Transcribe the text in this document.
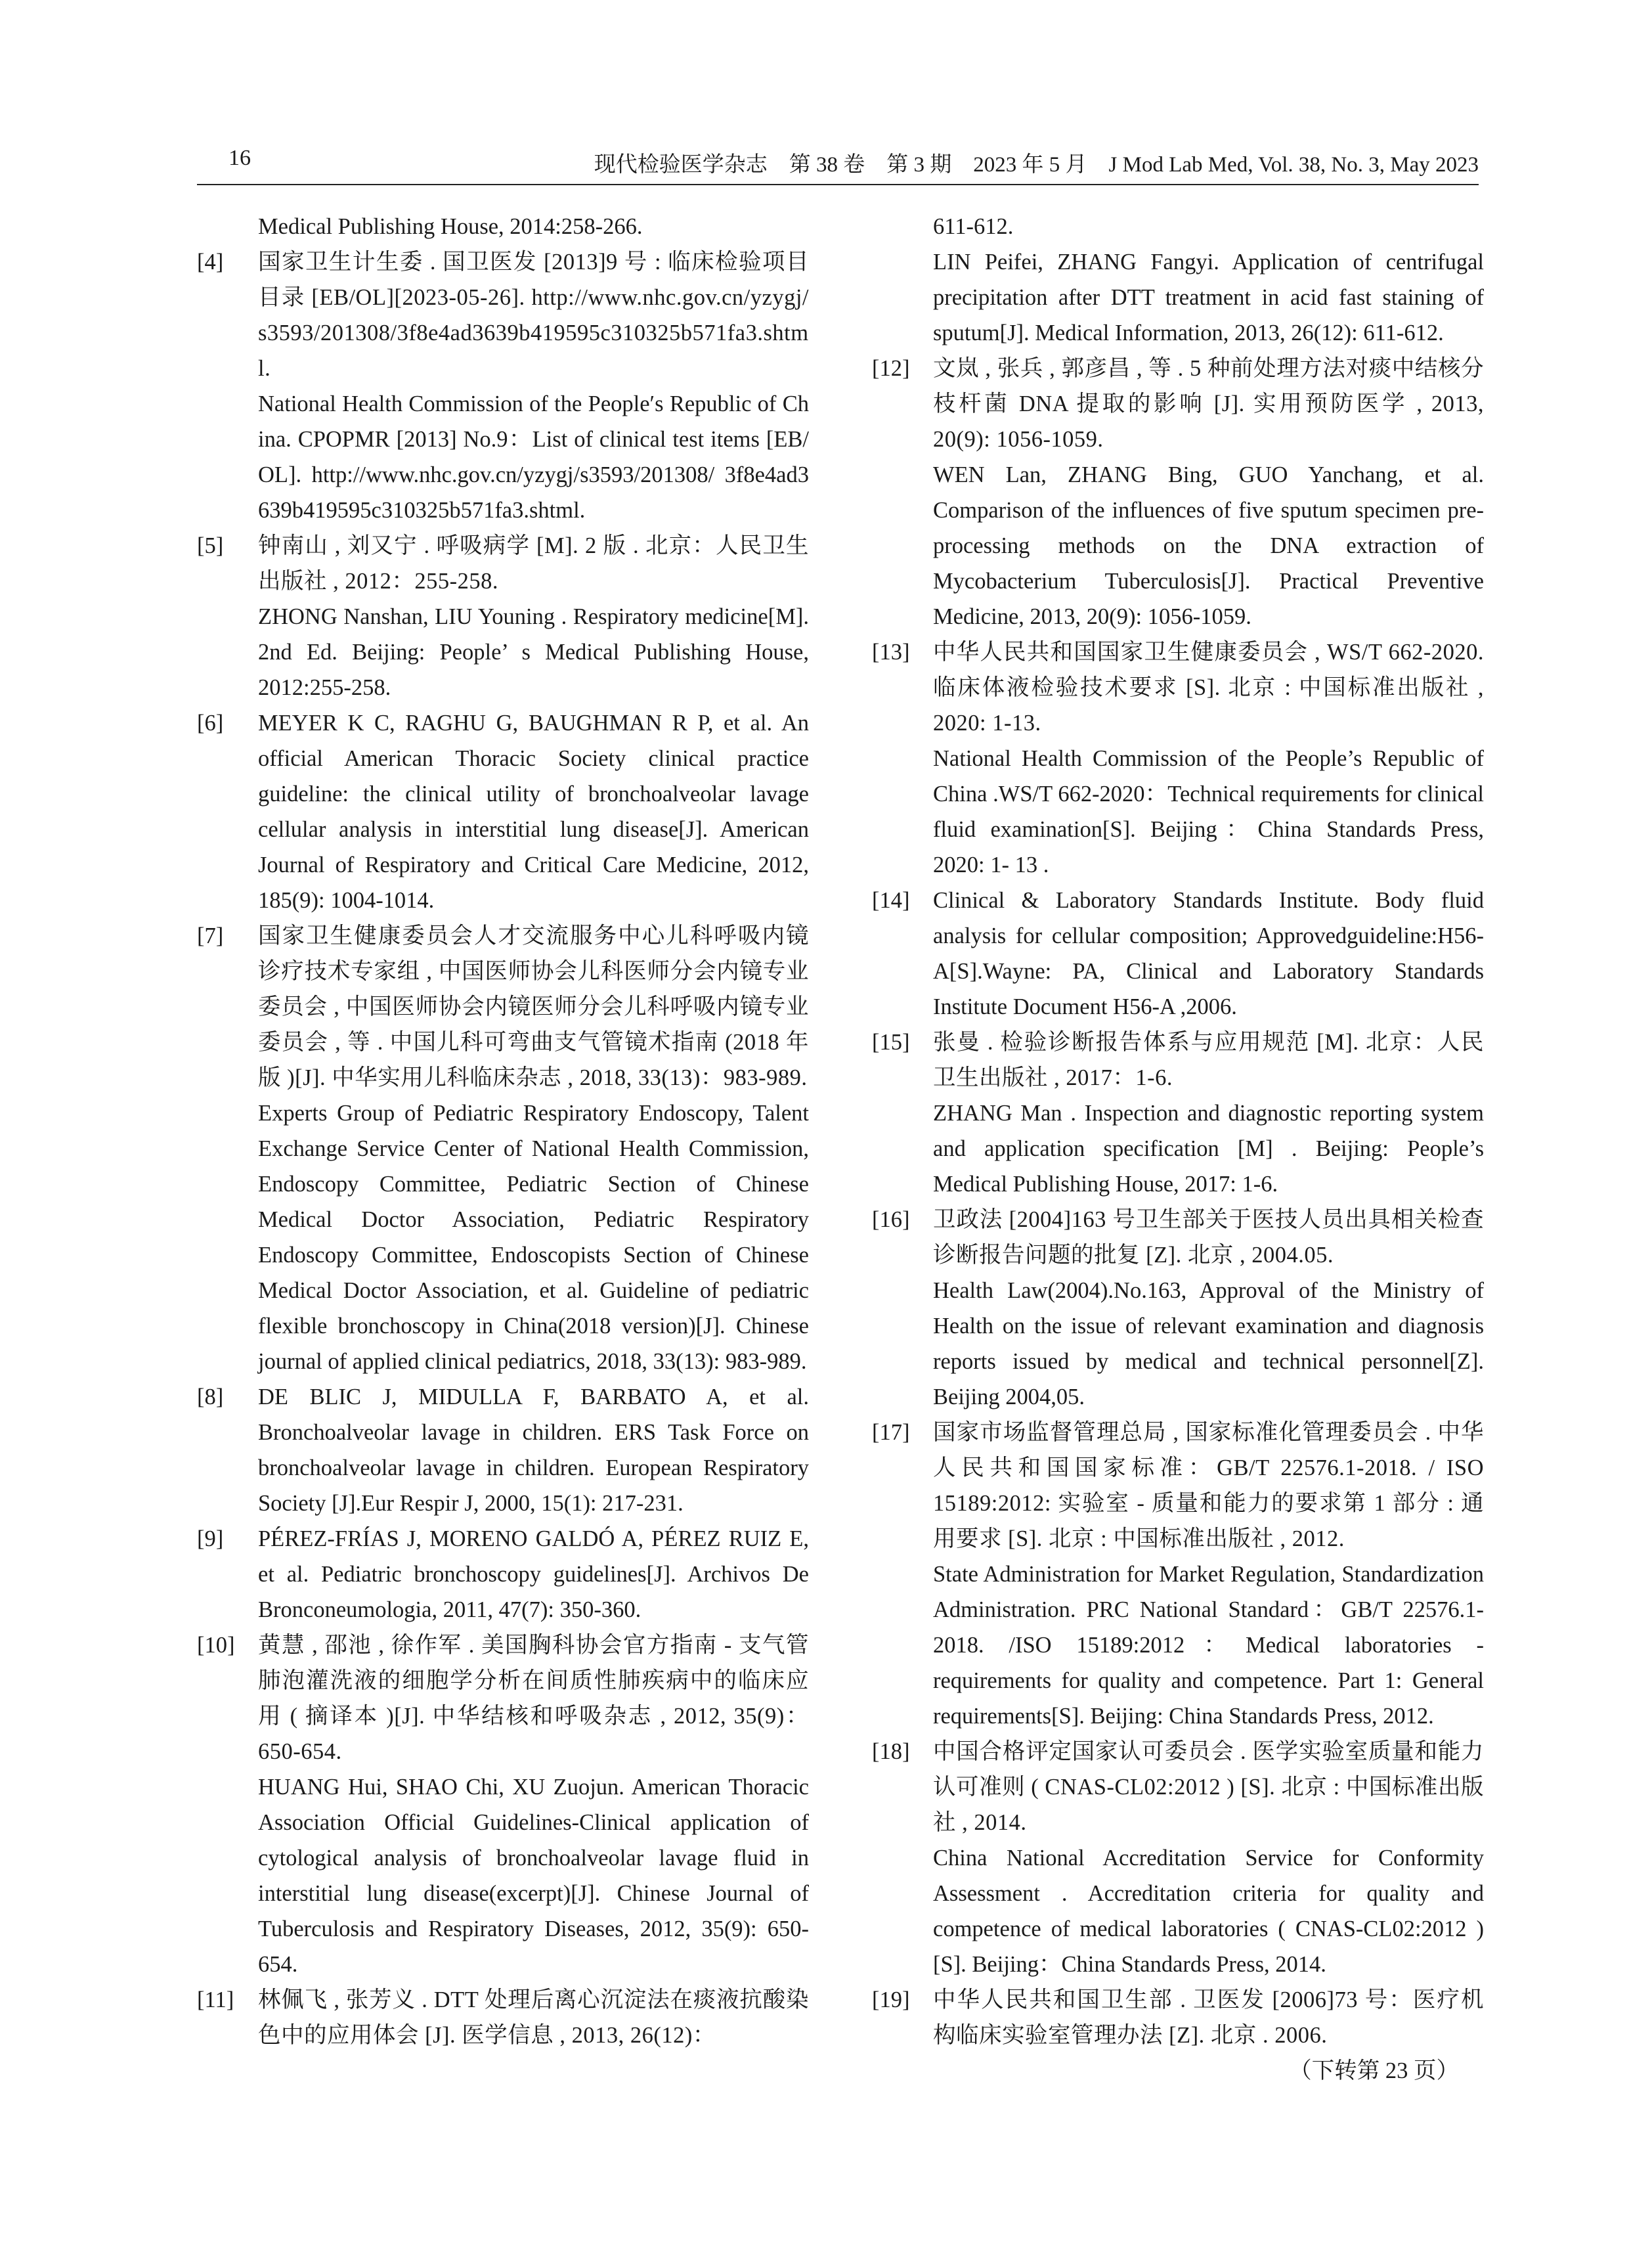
16	现代检验医学杂志　第 38 卷　第 3 期　2023 年 5 月　J Mod Lab Med, Vol. 38, No. 3, May 2023

Medical Publishing House, 2014:258-266.

[4] 国家卫生计生委 . 国卫医发 [2013]9 号 : 临床检验项目目录 [EB/OL][2023-05-26]. http://www.nhc.gov.cn/yzygj/s3593/201308/3f8e4ad3639b419595c310325b571fa3.shtml.

National Health Commission of the People′s Republic of China. CPOPMR [2013] No.9：List of clinical test items [EB/OL]. http://www.nhc.gov.cn/yzygj/s3593/201308/ 3f8e4ad3639b419595c310325b571fa3.shtml.

[5] 钟南山 , 刘又宁 . 呼吸病学 [M]. 2 版 . 北京：人民卫生出版社 , 2012：255-258.

ZHONG Nanshan, LIU Youning . Respiratory medicine[M]. 2nd Ed. Beijing: People’ s Medical Publishing House, 2012:255-258.

[6] MEYER K C, RAGHU G, BAUGHMAN R P, et al. An official American Thoracic Society clinical practice guideline: the clinical utility of bronchoalveolar lavage cellular analysis in interstitial lung disease[J]. American Journal of Respiratory and Critical Care Medicine, 2012, 185(9): 1004-1014.

[7] 国家卫生健康委员会人才交流服务中心儿科呼吸内镜诊疗技术专家组 , 中国医师协会儿科医师分会内镜专业委员会 , 中国医师协会内镜医师分会儿科呼吸内镜专业委员会 , 等 . 中国儿科可弯曲支气管镜术指南 (2018 年版 )[J]. 中华实用儿科临床杂志 , 2018, 33(13)：983-989.

Experts Group of Pediatric Respiratory Endoscopy, Talent Exchange Service Center of National Health Commission, Endoscopy Committee, Pediatric Section of Chinese Medical Doctor Association, Pediatric Respiratory Endoscopy Committee, Endoscopists Section of Chinese Medical Doctor Association, et al. Guideline of pediatric flexible bronchoscopy in China(2018 version)[J]. Chinese journal of applied clinical pediatrics, 2018, 33(13): 983-989.

[8] DE BLIC J, MIDULLA F, BARBATO A, et al. Bronchoalveolar lavage in children. ERS Task Force on bronchoalveolar lavage in children. European Respiratory Society [J].Eur Respir J, 2000, 15(1): 217-231.

[9] PÉREZ-FRÍAS J, MORENO GALDÓ A, PÉREZ RUIZ E, et al. Pediatric bronchoscopy guidelines[J]. Archivos De Bronconeumologia, 2011, 47(7): 350-360.

[10] 黄慧 , 邵池 , 徐作军 . 美国胸科协会官方指南 - 支气管肺泡灌洗液的细胞学分析在间质性肺疾病中的临床应用 ( 摘译本 )[J]. 中华结核和呼吸杂志 , 2012, 35(9)：650-654.

HUANG Hui, SHAO Chi, XU Zuojun. American Thoracic Association Official Guidelines-Clinical application of cytological analysis of bronchoalveolar lavage fluid in interstitial lung disease(excerpt)[J]. Chinese Journal of Tuberculosis and Respiratory Diseases, 2012, 35(9): 650-654.

[11] 林佩飞 , 张芳义 . DTT 处理后离心沉淀法在痰液抗酸染色中的应用体会 [J]. 医学信息 , 2013, 26(12)：

611-612.

LIN Peifei, ZHANG Fangyi. Application of centrifugal precipitation after DTT treatment in acid fast staining of sputum[J]. Medical Information, 2013, 26(12): 611-612.

[12] 文岚 , 张兵 , 郭彦昌 , 等 . 5 种前处理方法对痰中结核分枝杆菌 DNA 提取的影响 [J]. 实用预防医学 , 2013, 20(9): 1056-1059.

WEN Lan, ZHANG Bing, GUO Yanchang, et al. Comparison of the influences of five sputum specimen pre-processing methods on the DNA extraction of Mycobacterium Tuberculosis[J]. Practical Preventive Medicine, 2013, 20(9): 1056-1059.

[13] 中华人民共和国国家卫生健康委员会 , WS/T 662-2020. 临床体液检验技术要求 [S]. 北京 : 中国标准出版社 , 2020: 1-13.

National Health Commission of the People’s Republic of China .WS/T 662-2020：Technical requirements for clinical fluid examination[S]. Beijing：China Standards Press, 2020: 1- 13 .

[14] Clinical & Laboratory Standards Institute. Body fluid analysis for cellular composition; Approvedguideline:H56-A[S].Wayne: PA, Clinical and Laboratory Standards Institute Document H56-A ,2006.

[15] 张曼 . 检验诊断报告体系与应用规范 [M]. 北京：人民卫生出版社 , 2017：1-6.

ZHANG Man . Inspection and diagnostic reporting system and application specification [M] . Beijing: People’s Medical Publishing House, 2017: 1-6.

[16] 卫政法 [2004]163 号卫生部关于医技人员出具相关检查诊断报告问题的批复 [Z]. 北京 , 2004.05.

Health Law(2004).No.163, Approval of the Ministry of Health on the issue of relevant examination and diagnosis reports issued by medical and technical personnel[Z]. Beijing 2004,05.

[17] 国家市场监督管理总局 , 国家标准化管理委员会 . 中华人民共和国国家标准：GB/T 22576.1-2018. / ISO 15189:2012: 实验室 - 质量和能力的要求第 1 部分 : 通用要求 [S]. 北京 : 中国标准出版社 , 2012.

State Administration for Market Regulation, Standardization Administration. PRC National Standard：GB/T 22576.1-2018. /ISO 15189:2012：Medical laboratories -requirements for quality and competence. Part 1: General requirements[S]. Beijing: China Standards Press, 2012.

[18] 中国合格评定国家认可委员会 . 医学实验室质量和能力认可准则 ( CNAS-CL02:2012 ) [S]. 北京 : 中国标准出版社 , 2014.

China National Accreditation Service for Conformity Assessment . Accreditation criteria for quality and competence of medical laboratories ( CNAS-CL02:2012 ) [S]. Beijing：China Standards Press, 2014.

[19] 中华人民共和国卫生部 . 卫医发 [2006]73 号：医疗机构临床实验室管理办法 [Z]. 北京 . 2006.

（下转第 23 页）
